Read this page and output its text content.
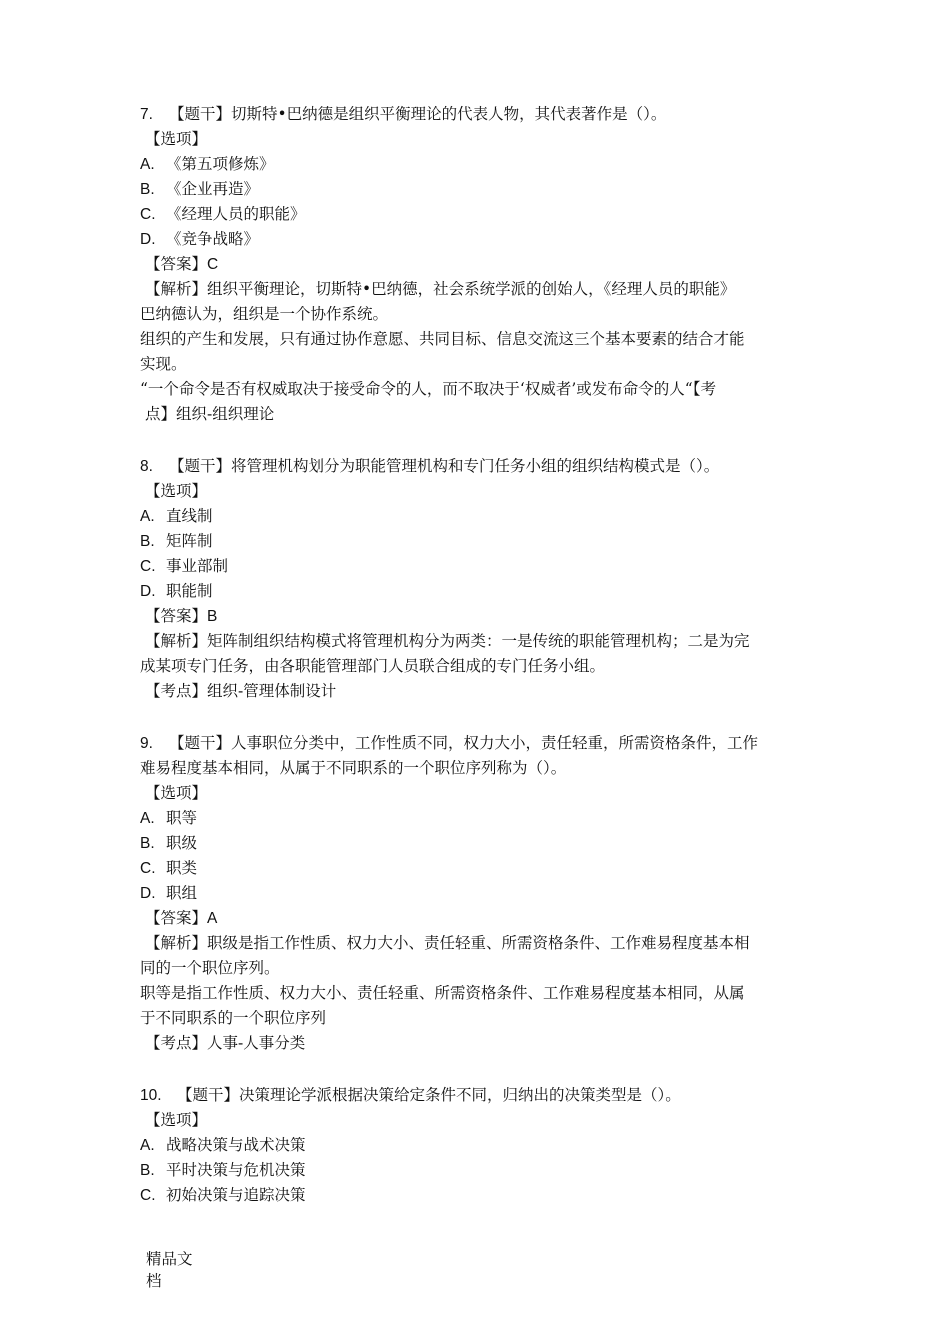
7. 【题干】切斯特•巴纳德是组织平衡理论的代表人物，其代表著作是（）。
【选项】
A. 《第五项修炼》
B. 《企业再造》
C. 《经理人员的职能》
D. 《竞争战略》
【答案】C
【解析】组织平衡理论，切斯特•巴纳德，社会系统学派的创始人，《经理人员的职能》
巴纳德认为，组织是一个协作系统。
组织的产生和发展，只有通过协作意愿、共同目标、信息交流这三个基本要素的结合才能
实现。
“一个命令是否有权威取决于接受命令的人，而不取决于‘权威者’或发布命令的人“【考
点】组织-组织理论
8. 【题干】将管理机构划分为职能管理机构和专门任务小组的组织结构模式是（）。
【选项】
A. 直线制
B. 矩阵制
C. 事业部制
D. 职能制
【答案】B
【解析】矩阵制组织结构模式将管理机构分为两类：一是传统的职能管理机构；二是为完
成某项专门任务，由各职能管理部门人员联合组成的专门任务小组。
【考点】组织-管理体制设计
9. 【题干】人事职位分类中，工作性质不同，权力大小，责任轻重，所需资格条件，工作
难易程度基本相同，从属于不同职系的一个职位序列称为（）。
【选项】
A. 职等
B. 职级
C. 职类
D. 职组
【答案】A
【解析】职级是指工作性质、权力大小、责任轻重、所需资格条件、工作难易程度基本相
同的一个职位序列。
职等是指工作性质、权力大小、责任轻重、所需资格条件、工作难易程度基本相同，从属
于不同职系的一个职位序列
【考点】人事-人事分类
10. 【题干】决策理论学派根据决策给定条件不同，归纳出的决策类型是（）。
【选项】
A. 战略决策与战术决策
B. 平时决策与危机决策
C. 初始决策与追踪决策
精品文
档
